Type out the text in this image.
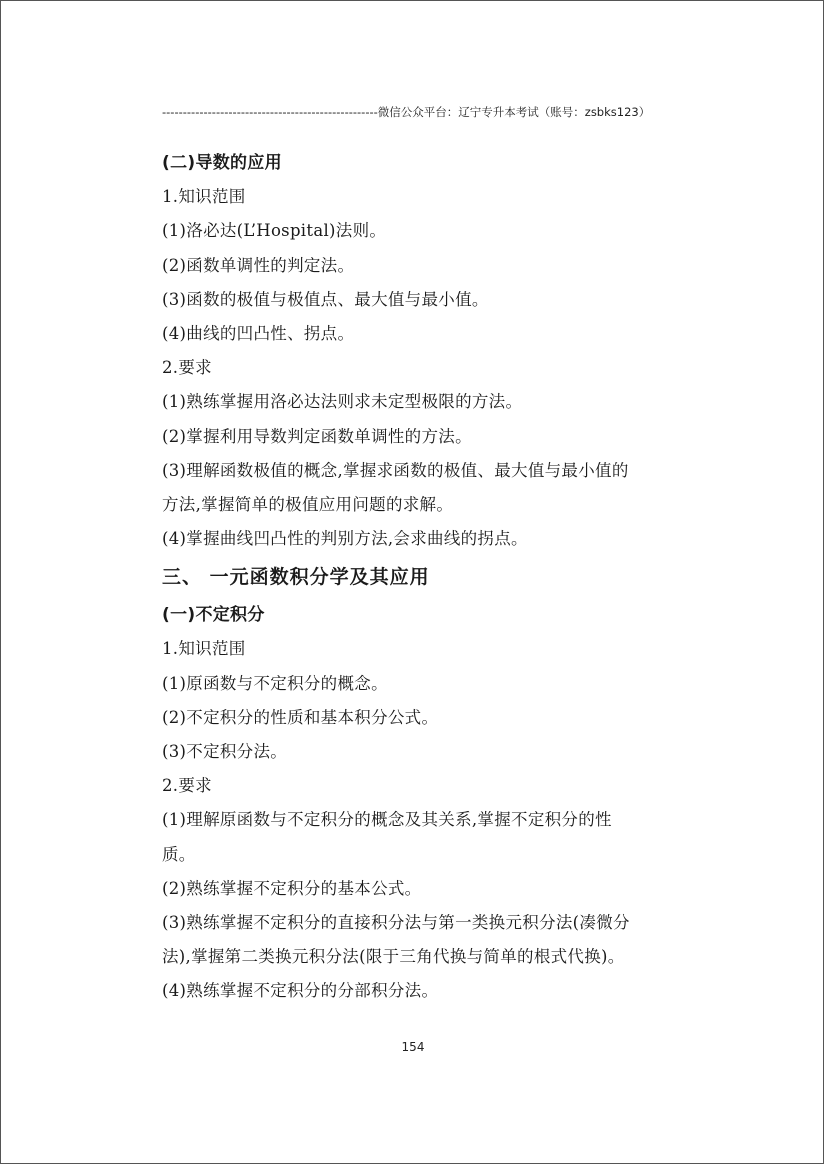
----------------------------------------------------微信公众平台：辽宁专升本考试（账号：zsbks123）
(二)导数的应用
1.知识范围
(1)洛必达(L’Hospital)法则。
(2)函数单调性的判定法。
(3)函数的极值与极值点、最大值与最小值。
(4)曲线的凹凸性、拐点。
2.要求
(1)熟练掌握用洛必达法则求未定型极限的方法。
(2)掌握利用导数判定函数单调性的方法。
(3)理解函数极值的概念,掌握求函数的极值、最大值与最小值的
方法,掌握简单的极值应用问题的求解。
(4)掌握曲线凹凸性的判别方法,会求曲线的拐点。
三、 一元函数积分学及其应用
(一)不定积分
1.知识范围
(1)原函数与不定积分的概念。
(2)不定积分的性质和基本积分公式。
(3)不定积分法。
2.要求
(1)理解原函数与不定积分的概念及其关系,掌握不定积分的性
质。
(2)熟练掌握不定积分的基本公式。
(3)熟练掌握不定积分的直接积分法与第一类换元积分法(凑微分
法),掌握第二类换元积分法(限于三角代换与简单的根式代换)。
(4)熟练掌握不定积分的分部积分法。
154
